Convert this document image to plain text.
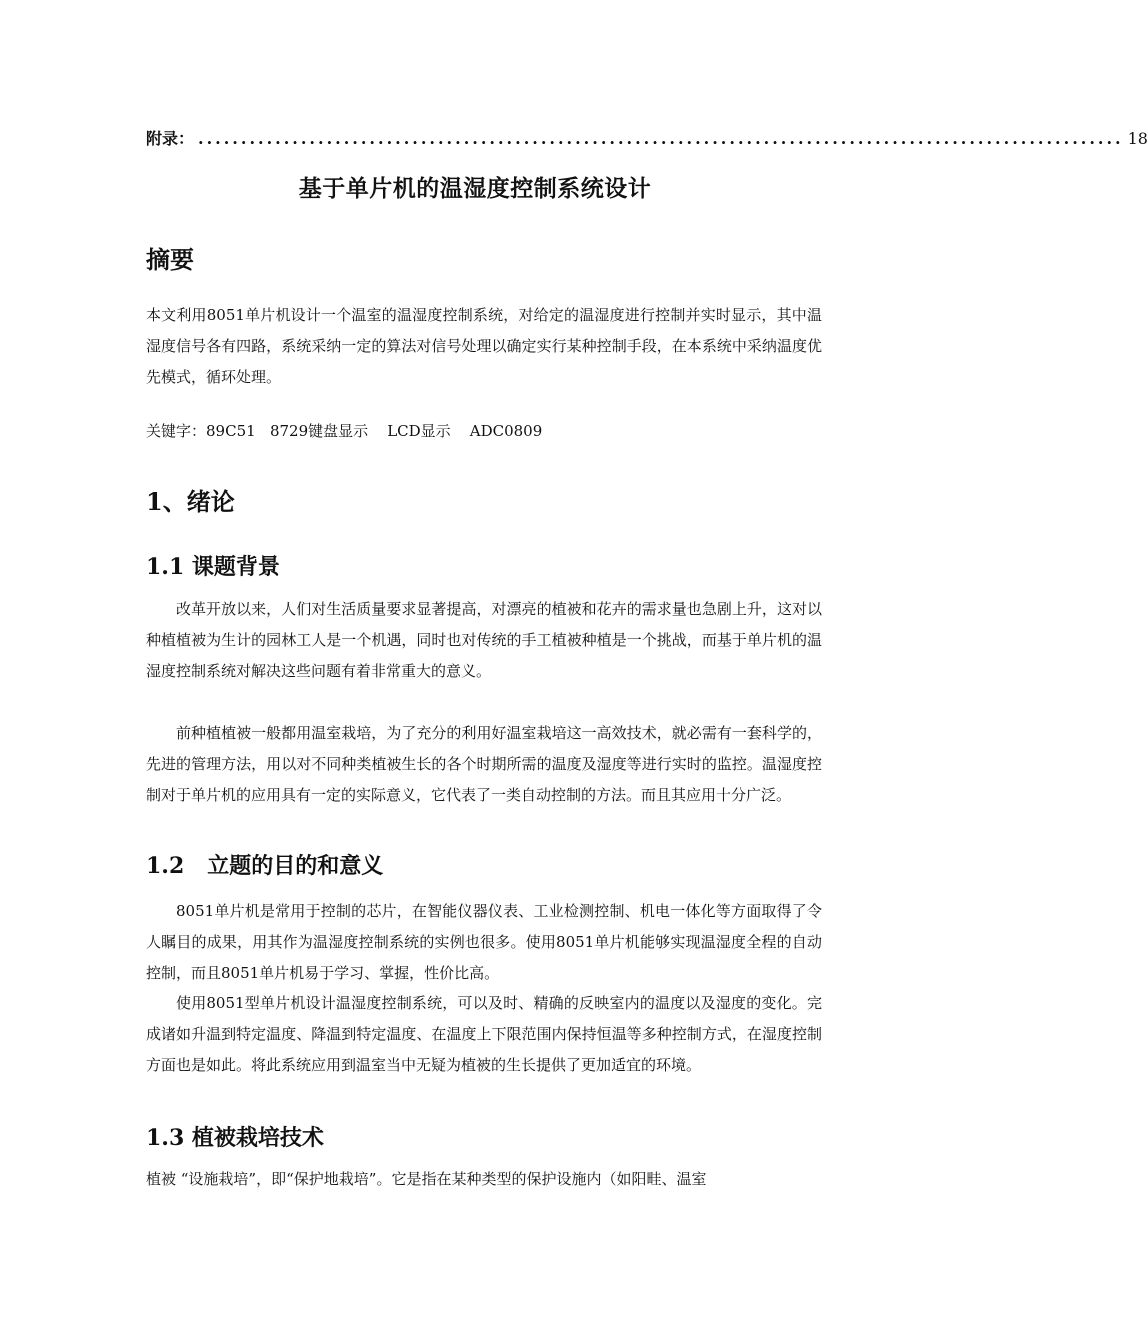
附录： ............................................................................................................ 18
基于单片机的温湿度控制系统设计
摘要

本文利用8051单片机设计一个温室的温湿度控制系统，对给定的温湿度进行控制并实时显示，其中温湿度信号各有四路，系统采纳一定的算法对信号处理以确定实行某种控制手段，在本系统中采纳温度优先模式，循环处理。

关键字：89C51   8729键盘显示    LCD显示    ADC0809
1、绪论
1.1 课题背景

改革开放以来，人们对生活质量要求显著提高，对漂亮的植被和花卉的需求量也急剧上升，这对以种植植被为生计的园林工人是一个机遇，同时也对传统的手工植被种植是一个挑战，而基于单片机的温湿度控制系统对解决这些问题有着非常重大的意义。

前种植植被一般都用温室栽培，为了充分的利用好温室栽培这一高效技术，就必需有一套科学的，先进的管理方法，用以对不同种类植被生长的各个时期所需的温度及湿度等进行实时的监控。温湿度控制对于单片机的应用具有一定的实际意义，它代表了一类自动控制的方法。而且其应用十分广泛。

1.2   立题的目的和意义

8051单片机是常用于控制的芯片，在智能仪器仪表、工业检测控制、机电一体化等方面取得了令人瞩目的成果，用其作为温湿度控制系统的实例也很多。使用8051单片机能够实现温湿度全程的自动控制，而且8051单片机易于学习、掌握，性价比高。

使用8051型单片机设计温湿度控制系统，可以及时、精确的反映室内的温度以及湿度的变化。完成诸如升温到特定温度、降温到特定温度、在温度上下限范围内保持恒温等多种控制方式，在湿度控制方面也是如此。将此系统应用到温室当中无疑为植被的生长提供了更加适宜的环境。

1.3 植被栽培技术

植被 “设施栽培”，即“保护地栽培”。它是指在某种类型的保护设施内（如阳畦、温室
